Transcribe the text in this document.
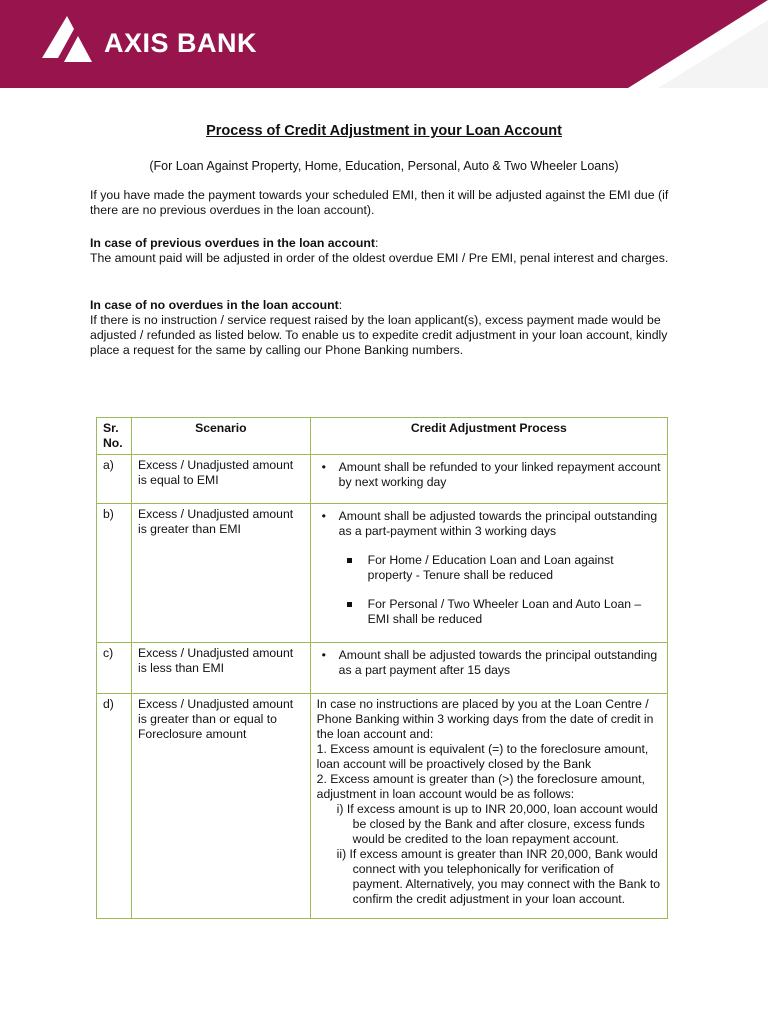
AXIS BANK
Process of Credit Adjustment in your Loan Account
(For Loan Against Property, Home, Education, Personal, Auto & Two Wheeler Loans)
If you have made the payment towards your scheduled EMI, then it will be adjusted against the EMI due (if there are no previous overdues in the loan account).
In case of previous overdues in the loan account:
The amount paid will be adjusted in order of the oldest overdue EMI / Pre EMI, penal interest and charges.
In case of no overdues in the loan account:
If there is no instruction / service request raised by the loan applicant(s), excess payment made would be adjusted / refunded as listed below. To enable us to expedite credit adjustment in your loan account, kindly place a request for the same by calling our Phone Banking numbers.
Sr. No.	Scenario	Credit Adjustment Process
a)	Excess / Unadjusted amount is equal to EMI	• Amount shall be refunded to your linked repayment account by next working day

b)	Excess / Unadjusted amount is greater than EMI	• Amount shall be adjusted towards the principal outstanding as a part-payment within 3 working days
For Home / Education Loan and Loan against property - Tenure shall be reduced
For Personal / Two Wheeler Loan and Auto Loan – EMI shall be reduced

c)	Excess / Unadjusted amount is less than EMI	• Amount shall be adjusted towards the principal outstanding as a part payment after 15 days

d)	Excess / Unadjusted amount is greater than or equal to Foreclosure amount	In case no instructions are placed by you at the Loan Centre / Phone Banking within 3 working days from the date of credit in the loan account and:
1. Excess amount is equivalent (=) to the foreclosure amount, loan account will be proactively closed by the Bank
2. Excess amount is greater than (>) the foreclosure amount, adjustment in loan account would be as follows:
i) If excess amount is up to INR 20,000, loan account would be closed by the Bank and after closure, excess funds would be credited to the loan repayment account.
ii) If excess amount is greater than INR 20,000, Bank would connect with you telephonically for verification of payment. Alternatively, you may connect with the Bank to confirm the credit adjustment in your loan account.
